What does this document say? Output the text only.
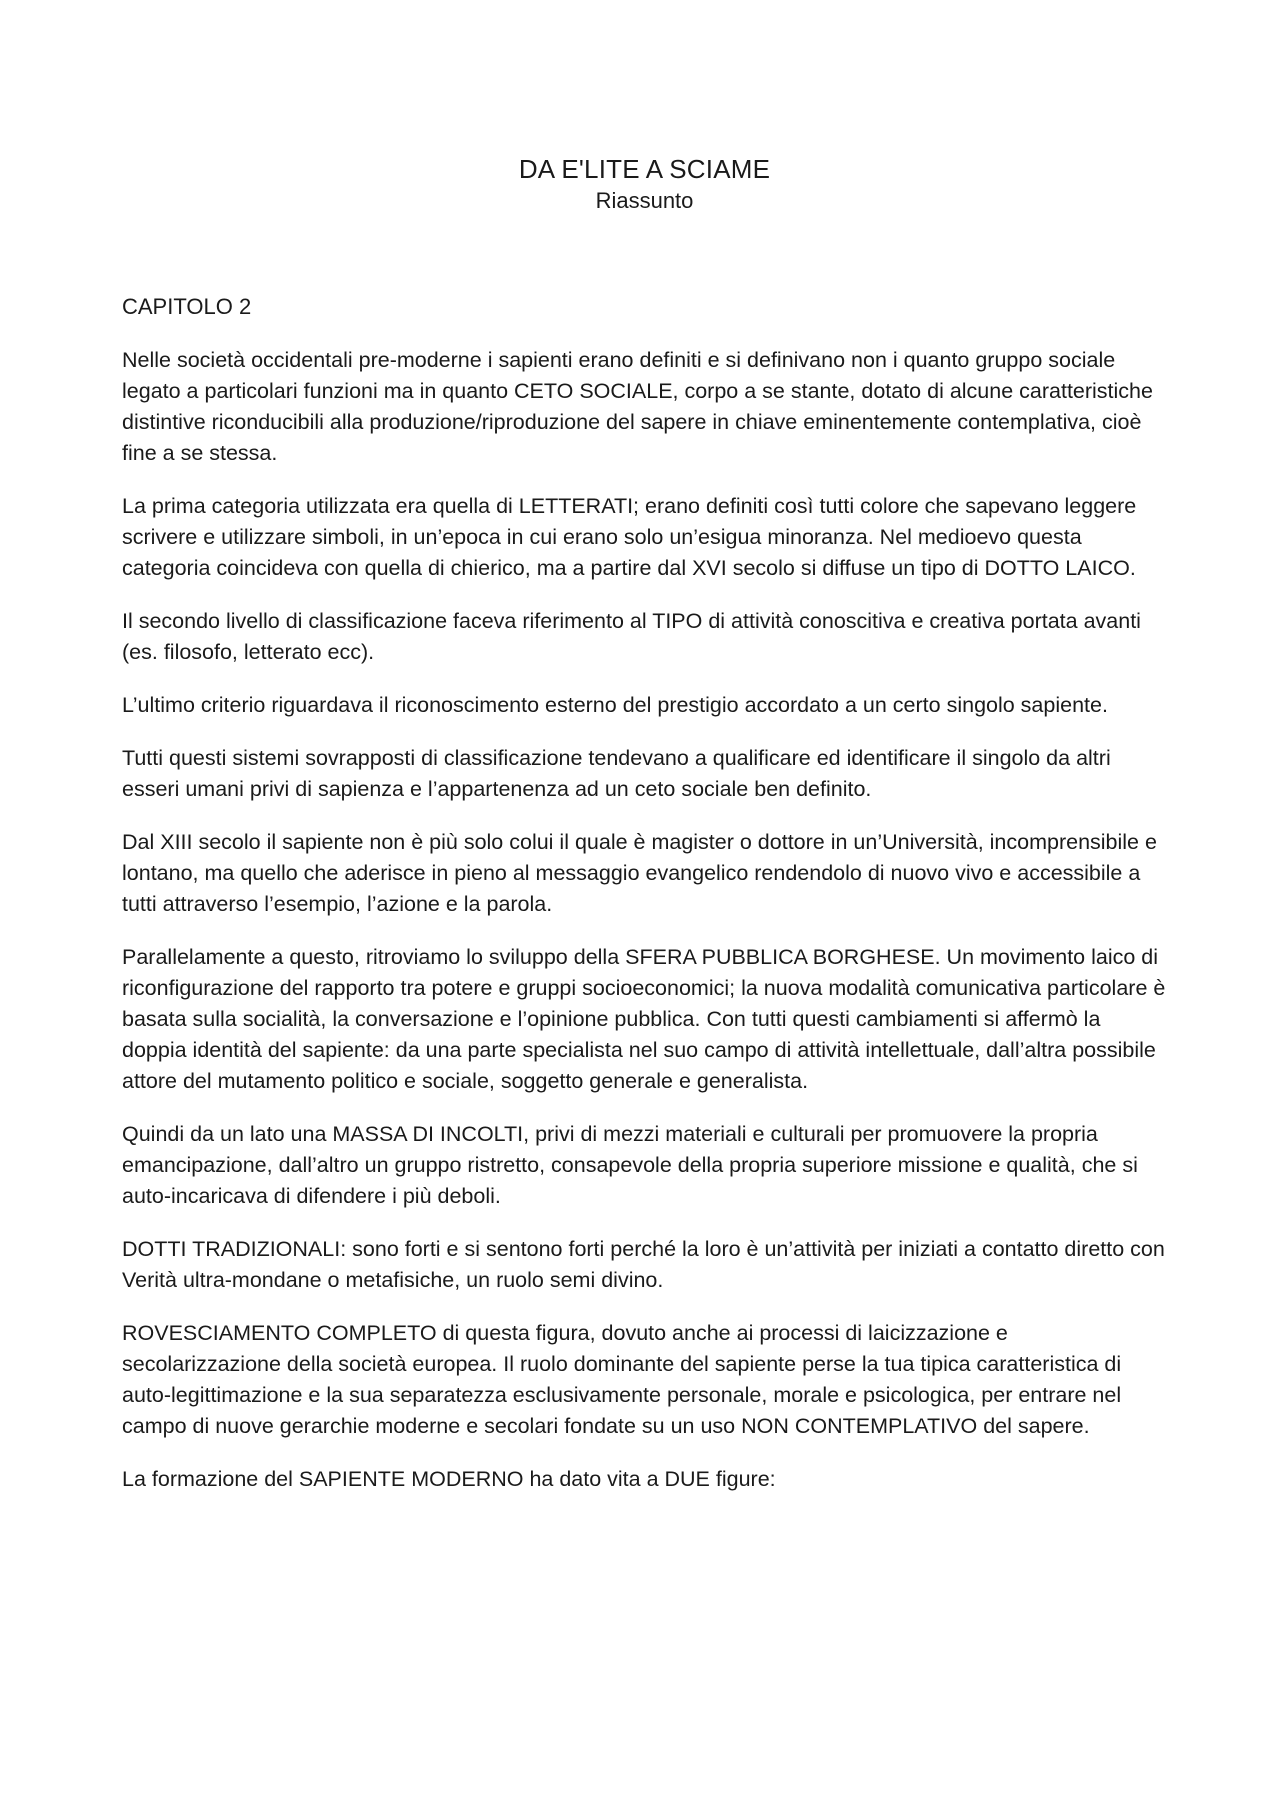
DA E'LITE A SCIAME
Riassunto
CAPITOLO 2

Nelle società occidentali pre-moderne i sapienti erano definiti e si definivano non i quanto gruppo sociale legato a particolari funzioni ma in quanto CETO SOCIALE, corpo a se stante, dotato di alcune caratteristiche distintive riconducibili alla produzione/riproduzione del sapere in chiave eminentemente contemplativa, cioè fine a se stessa.

La prima categoria utilizzata era quella di LETTERATI; erano definiti così tutti colore che sapevano leggere scrivere e utilizzare simboli, in un’epoca in cui erano solo un’esigua minoranza. Nel medioevo questa categoria coincideva con quella di chierico, ma a partire dal XVI secolo si diffuse un tipo di DOTTO LAICO.

Il secondo livello di classificazione faceva riferimento al TIPO di attività conoscitiva e creativa portata avanti (es. filosofo, letterato ecc).

L’ultimo criterio riguardava il riconoscimento esterno del prestigio accordato a un certo singolo sapiente.

Tutti questi sistemi sovrapposti di classificazione tendevano a qualificare ed identificare il singolo da altri esseri umani privi di sapienza e l’appartenenza ad un ceto sociale ben definito.

Dal XIII secolo il sapiente non è più solo colui il quale è magister o dottore in un’Università, incomprensibile e lontano, ma quello che aderisce in pieno al messaggio evangelico rendendolo di nuovo vivo e accessibile a tutti attraverso l’esempio, l’azione e la parola.

Parallelamente a questo, ritroviamo lo sviluppo della SFERA PUBBLICA BORGHESE. Un movimento laico di riconfigurazione del rapporto tra potere e gruppi socioeconomici; la nuova modalità comunicativa particolare è basata sulla socialità, la conversazione e l’opinione pubblica. Con tutti questi cambiamenti si affermò la doppia identità del sapiente: da una parte specialista nel suo campo di attività intellettuale, dall’altra possibile attore del mutamento politico e sociale, soggetto generale e generalista.

Quindi da un lato una MASSA DI INCOLTI, privi di mezzi materiali e culturali per promuovere la propria emancipazione, dall’altro un gruppo ristretto, consapevole della propria superiore missione e qualità, che si auto-incaricava di difendere i più deboli.

DOTTI TRADIZIONALI: sono forti e si sentono forti perché la loro è un’attività per iniziati a contatto diretto con Verità ultra-mondane o metafisiche, un ruolo semi divino.

ROVESCIAMENTO COMPLETO di questa figura, dovuto anche ai processi di laicizzazione e secolarizzazione della società europea. Il ruolo dominante del sapiente perse la tua tipica caratteristica di auto-legittimazione e la sua separatezza esclusivamente personale, morale e psicologica, per entrare nel campo di nuove gerarchie moderne e secolari fondate su un uso NON CONTEMPLATIVO del sapere.

La formazione del SAPIENTE MODERNO ha dato vita a DUE figure:
